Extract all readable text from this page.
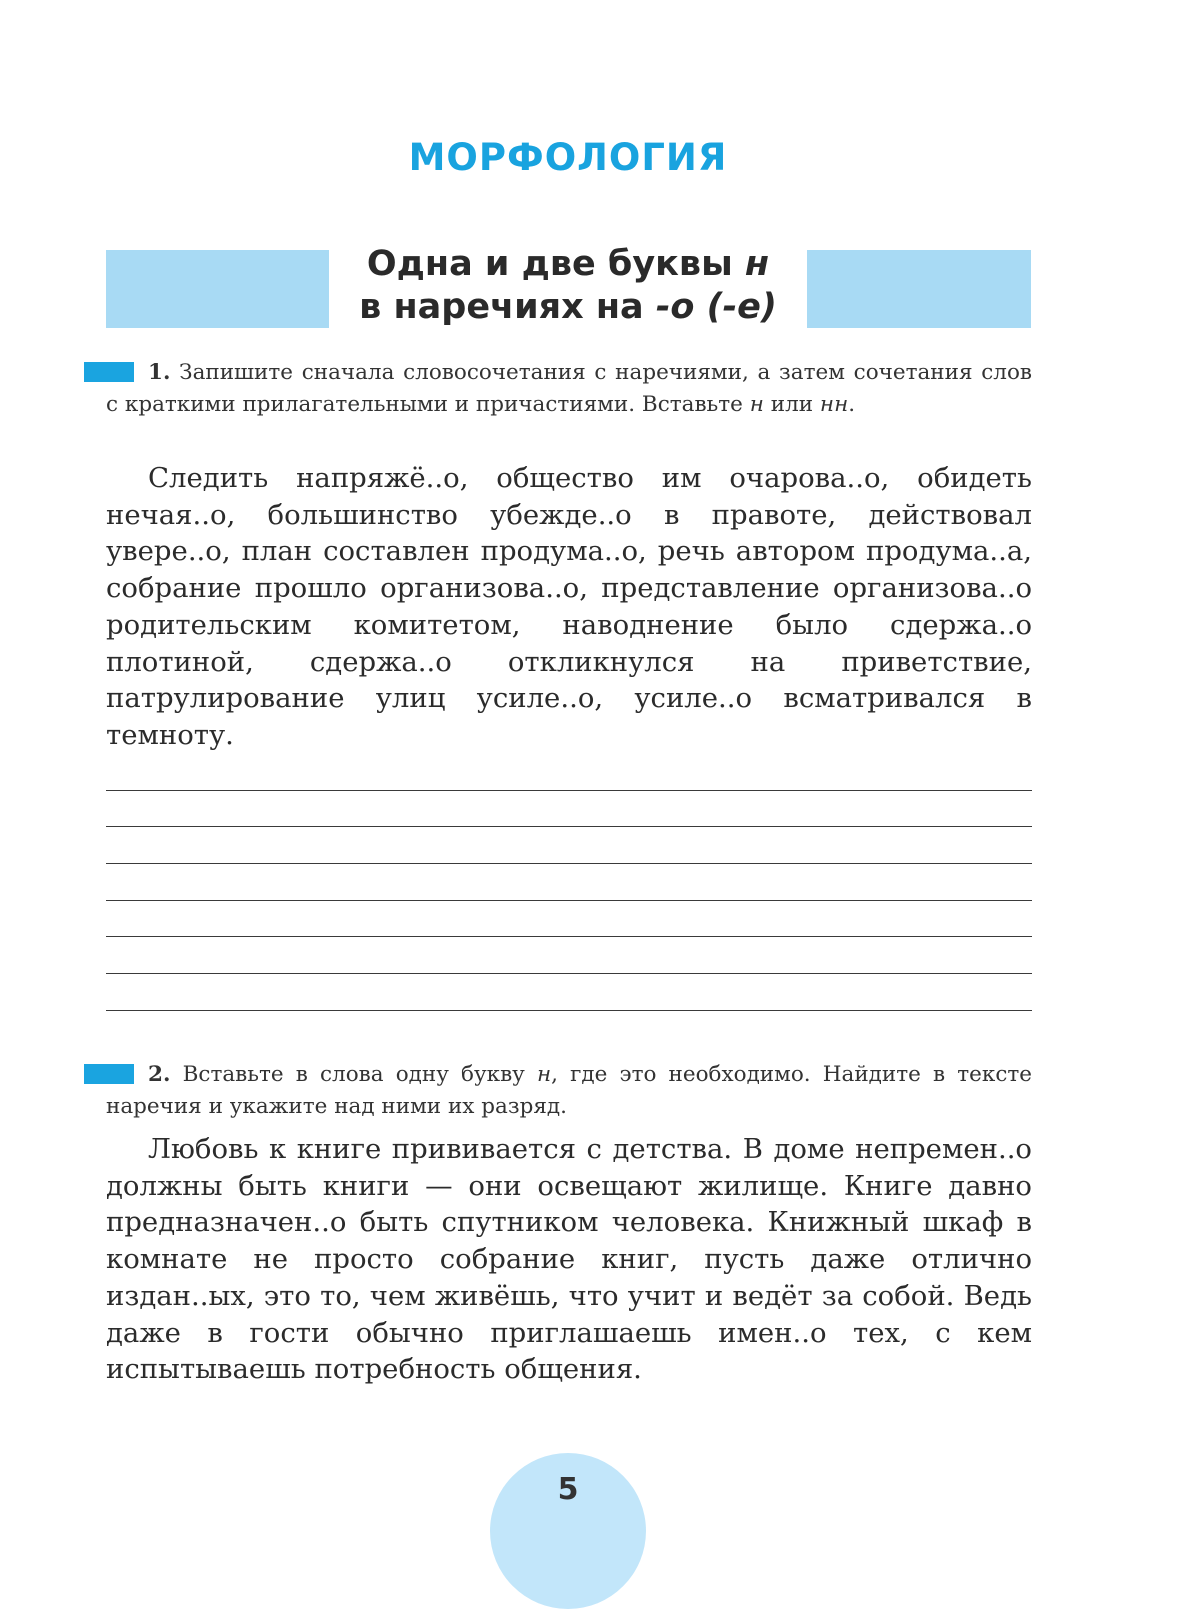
МОРФОЛОГИЯ
Одна и две буквы н
в наречиях на -о (-е)
1. Запишите сначала словосочетания с наречиями, а затем сочетания слов с краткими прилагательными и причастиями. Вставьте н или нн.
Следить напряжё..о, общество им очарова..о, обидеть нечая..о, большинство убежде..о в правоте, действовал увере..о, план составлен продума..о, речь автором продума..а, собрание прошло организова..о, представление организова..о родительским комитетом, наводнение было сдержа..о плотиной, сдержа..о откликнулся на приветствие, патрулирование улиц усиле..о, усиле..о всматривался в темноту.
2. Вставьте в слова одну букву н, где это необходимо. Найдите в тексте наречия и укажите над ними их разряд.
Любовь к книге прививается с детства. В доме непремен..о должны быть книги — они освещают жилище. Книге давно предназначен..о быть спутником человека. Книжный шкаф в комнате не просто собрание книг, пусть даже отлично издан..ых, это то, чем живёшь, что учит и ведёт за собой. Ведь даже в гости обычно приглашаешь имен..о тех, с кем испытываешь потребность общения.
5
